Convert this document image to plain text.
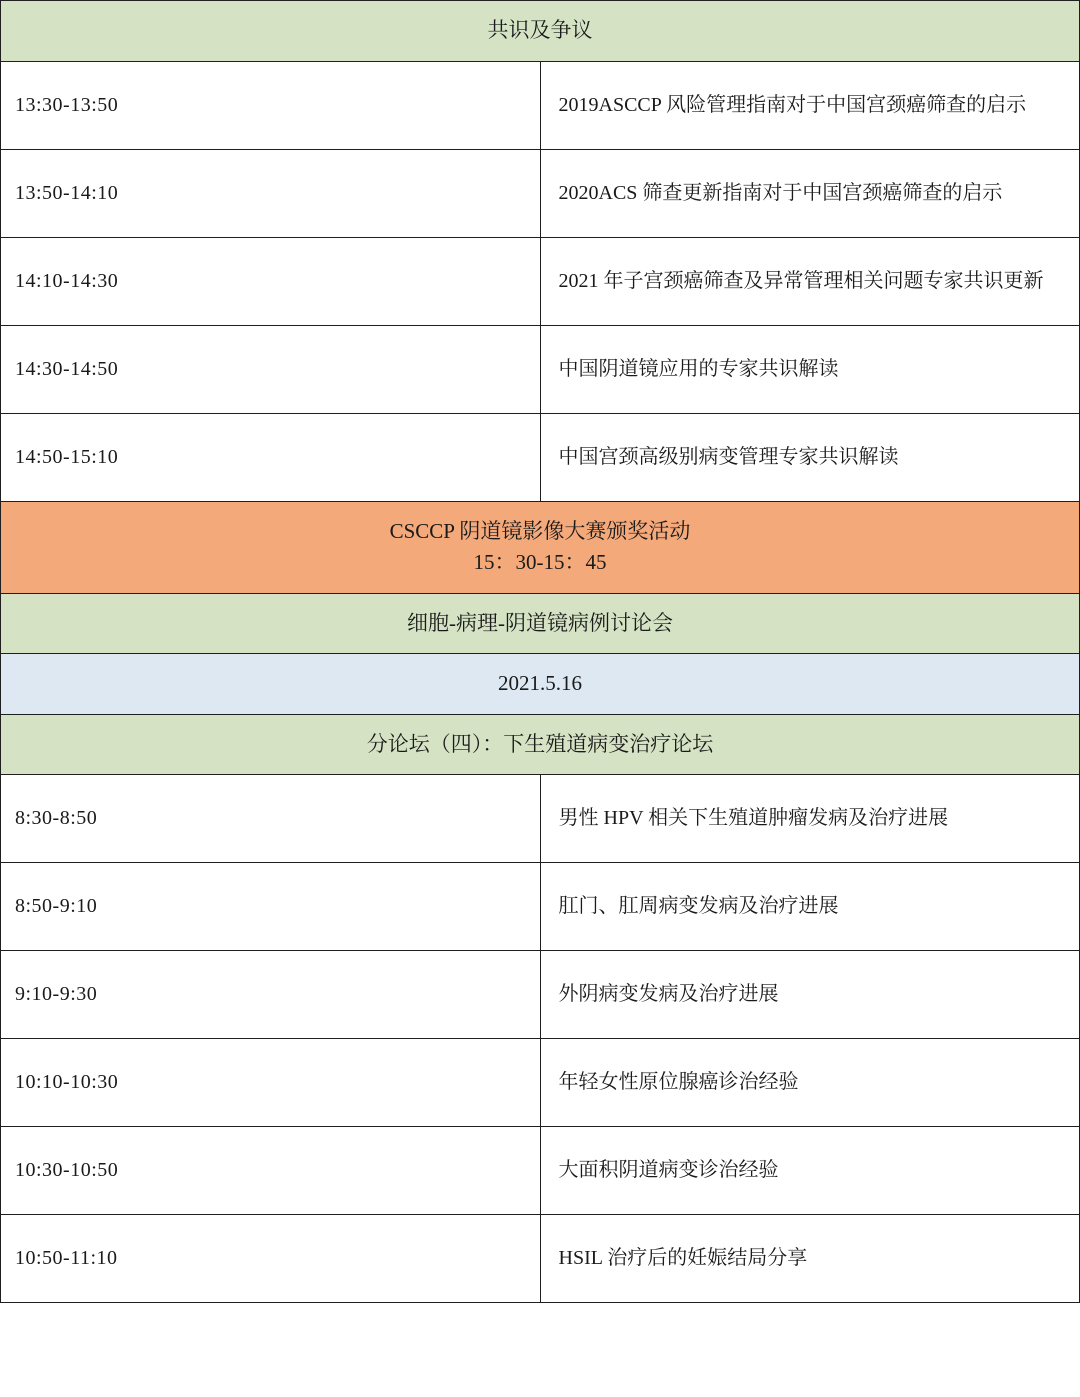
共识及争议	

13:30-13:50	2019ASCCP 风险管理指南对于中国宫颈癌筛查的启示
13:50-14:10	2020ACS 筛查更新指南对于中国宫颈癌筛查的启示
14:10-14:30	2021 年子宫颈癌筛查及异常管理相关问题专家共识更新
14:30-14:50	中国阴道镜应用的专家共识解读
14:50-15:10	中国宫颈高级别病变管理专家共识解读

CSCCP 阴道镜影像大赛颁奖活动
15：30-15：45	

细胞-病理-阴道镜病例讨论会	

2021.5.16	

分论坛（四）：下生殖道病变治疗论坛	

8:30-8:50	男性 HPV 相关下生殖道肿瘤发病及治疗进展
8:50-9:10	肛门、肛周病变发病及治疗进展
9:10-9:30	外阴病变发病及治疗进展
10:10-10:30	年轻女性原位腺癌诊治经验
10:30-10:50	大面积阴道病变诊治经验
10:50-11:10	HSIL 治疗后的妊娠结局分享
